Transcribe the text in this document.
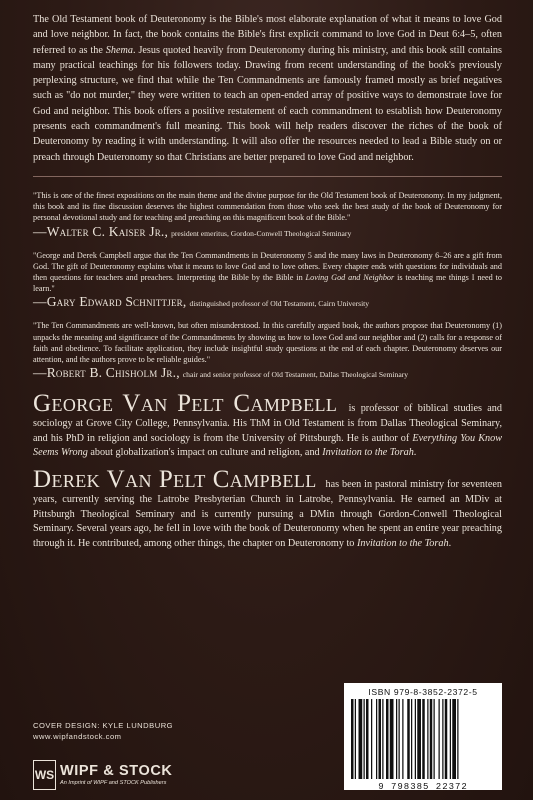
The Old Testament book of Deuteronomy is the Bible's most elaborate explanation of what it means to love God and love neighbor. In fact, the book contains the Bible's first explicit command to love God in Deut 6:4–5, often referred to as the Shema. Jesus quoted heavily from Deuteronomy during his ministry, and this book still contains many practical teachings for his followers today. Drawing from recent understanding of the book's previously perplexing structure, we find that while the Ten Commandments are famously framed mostly as brief negatives such as "do not murder," they were written to teach an open-ended array of positive ways to demonstrate love for God and neighbor. This book offers a positive restatement of each commandment to establish how Deuteronomy presents each commandment's full meaning. This book will help readers discover the riches of the book of Deuteronomy by reading it with understanding. It will also offer the resources needed to lead a Bible study on or preach through Deuteronomy so that Christians are better prepared to love God and neighbor.

"This is one of the finest expositions on the main theme and the divine purpose for the Old Testament book of Deuteronomy. In my judgment, this book and its fine discussion deserves the highest commendation from those who seek the best study of the book of Deuteronomy for personal devotional study and for teaching and preaching on this magnificent book of the Bible."

—Walter C. Kaiser Jr., president emeritus, Gordon-Conwell Theological Seminary

"George and Derek Campbell argue that the Ten Commandments in Deuteronomy 5 and the many laws in Deuteronomy 6–26 are a gift from God. The gift of Deuteronomy explains what it means to love God and to love others. Every chapter ends with questions for individuals and then questions for teachers and preachers. Interpreting the Bible by the Bible in Loving God and Neighbor is teaching me things I need to learn."

—Gary Edward Schnittjer, distinguished professor of Old Testament, Cairn University

"The Ten Commandments are well-known, but often misunderstood. In this carefully argued book, the authors propose that Deuteronomy (1) unpacks the meaning and significance of the Commandments by showing us how to love God and our neighbor and (2) calls for a response of faith and obedience. To facilitate application, they include insightful study questions at the end of each chapter. Deuteronomy deserves our attention, and the authors prove to be reliable guides."

—Robert B. Chisholm Jr., chair and senior professor of Old Testament, Dallas Theological Seminary
George Van Pelt Campbell is professor of biblical studies and sociology at Grove City College, Pennsylvania. His ThM in Old Testament is from Dallas Theological Seminary, and his PhD in religion and sociology is from the University of Pittsburgh. He is author of Everything You Know Seems Wrong about globalization's impact on culture and religion, and Invitation to the Torah.
Derek Van Pelt Campbell has been in pastoral ministry for seventeen years, currently serving the Latrobe Presbyterian Church in Latrobe, Pennsylvania. He earned an MDiv at Pittsburgh Theological Seminary and is currently pursuing a DMin through Gordon-Conwell Theological Seminary. Several years ago, he fell in love with the book of Deuteronomy when he spent an entire year preaching through it. He contributed, among other things, the chapter on Deuteronomy to Invitation to the Torah.
COVER DESIGN: KYLE LUNDBURG
www.wipfandstock.com
WS WIPF & STOCK
An Imprint of WIPF and STOCK Publishers
ISBN 979-8-3852-2372-5
9 798385 22372
